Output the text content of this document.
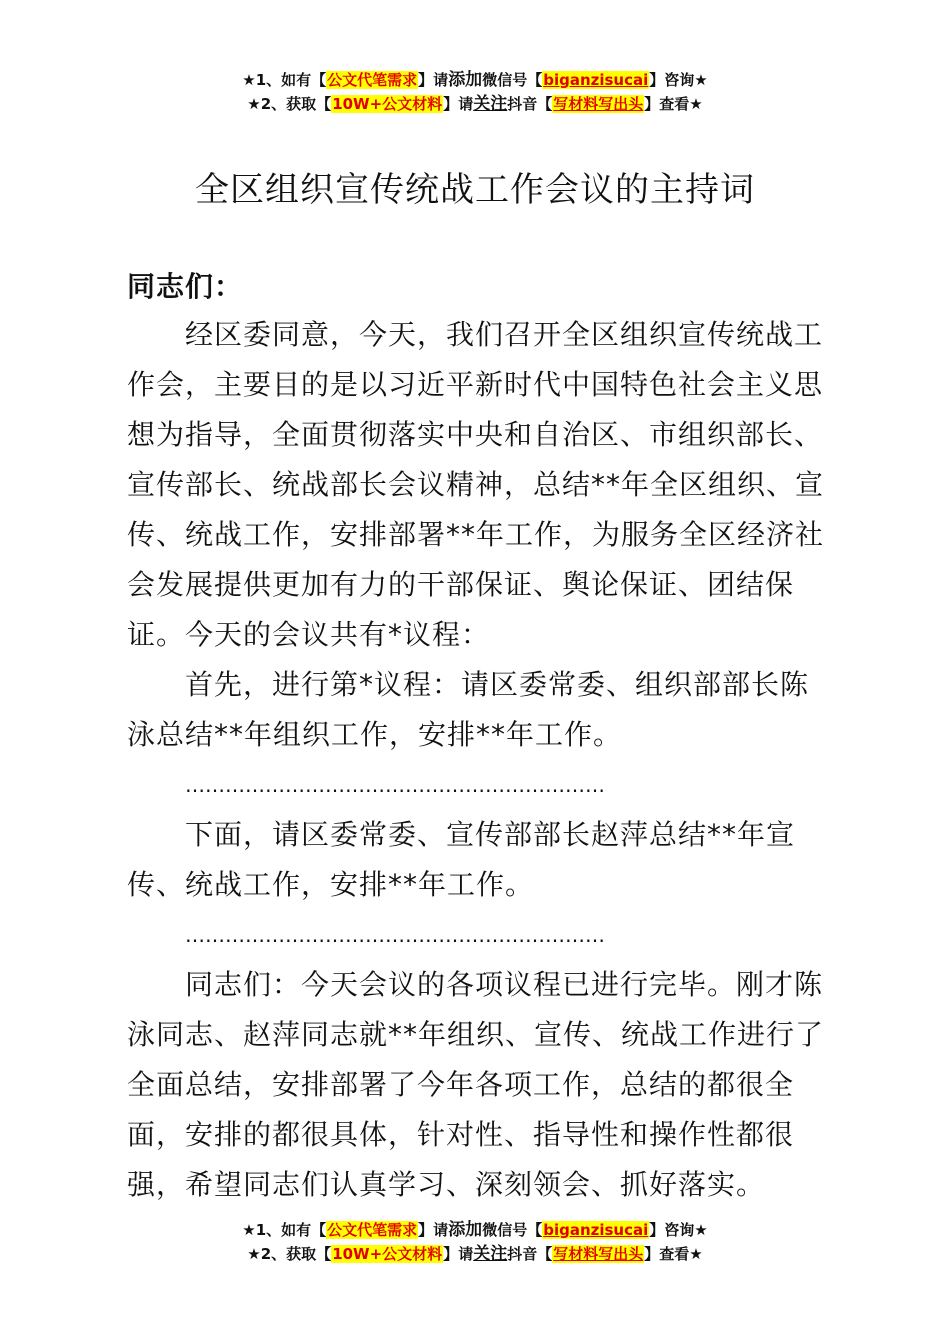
★1、如有【公文代笔需求】请添加微信号【biganzisucai】咨询★
★2、获取【10W+公文材料】请关注抖音【写材料写出头】查看★
全区组织宣传统战工作会议的主持词
同志们：
经区委同意，今天，我们召开全区组织宣传统战工作会，主要目的是以习近平新时代中国特色社会主义思想为指导，全面贯彻落实中央和自治区、市组织部长、宣传部长、统战部长会议精神，总结**年全区组织、宣传、统战工作，安排部署**年工作，为服务全区经济社会发展提供更加有力的干部保证、舆论保证、团结保证。 今天的会议共有*议程：
首先，进行第*议程：请区委常委、组织部部长陈泳总结**年组织工作，安排**年工作。
………………………………………………………
下面，请区委常委、宣传部部长赵萍总结**年宣传、统战工作，安排**年工作。
………………………………………………………
同志们：今天会议的各项议程已进行完毕。刚才陈泳同志、赵萍同志就**年组织、宣传、统战工作进行了全面总结，安排部署了今年各项工作，总结的都很全面，安排的都很具体，针对性、指导性和操作性都很强，希望同志们认真学习、深刻领会、抓好落实。
★1、如有【公文代笔需求】请添加微信号【biganzisucai】咨询★
★2、获取【10W+公文材料】请关注抖音【写材料写出头】查看★
